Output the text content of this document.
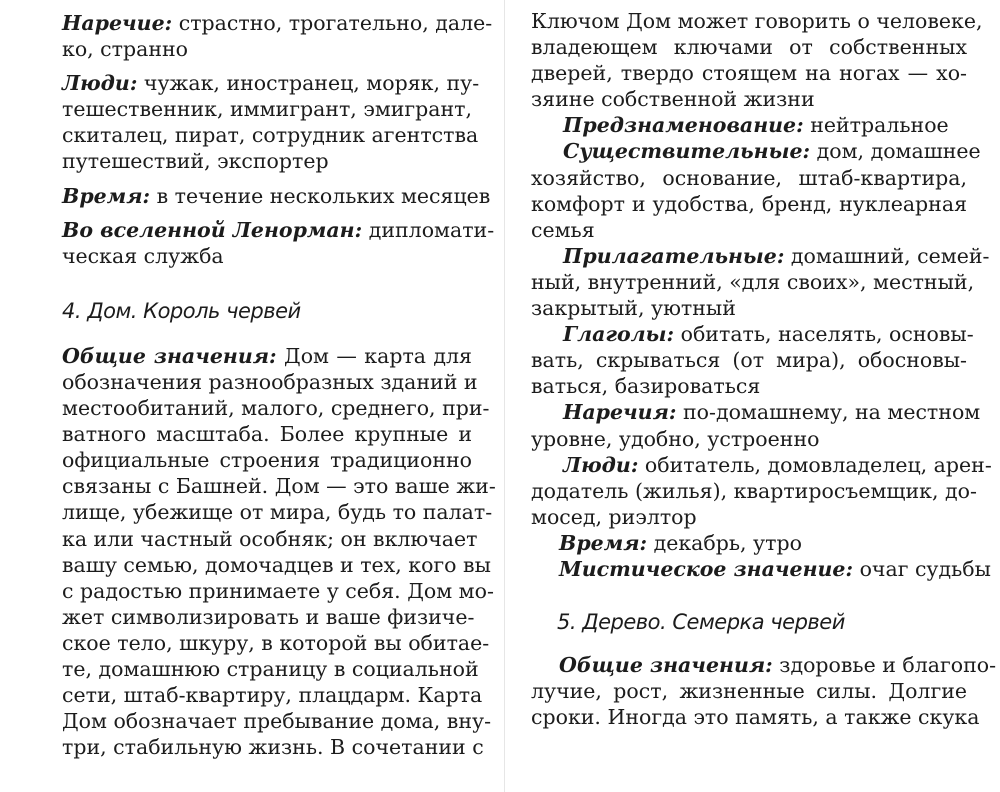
Наречие: страстно, трогательно, дале-
ко, странно
Люди: чужак, иностранец, моряк, пу-
тешественник, иммигрант, эмигрант,
скиталец, пират, сотрудник агентства
путешествий, экспортер
Время: в течение нескольких месяцев
Во вселенной Ленорман: дипломати-
ческая служба
4. Дом. Король червей
Общие значения: Дом — карта для
обозначения разнообразных зданий и
местообитаний, малого, среднего, при-
ватного масштаба. Более крупные и
официальные строения традиционно
связаны с Башней. Дом — это ваше жи-
лище, убежище от мира, будь то палат-
ка или частный особняк; он включает
вашу семью, домочадцев и тех, кого вы
с радостью принимаете у себя. Дом мо-
жет символизировать и ваше физиче-
ское тело, шкуру, в которой вы обитае-
те, домашнюю страницу в социальной
сети, штаб-квартиру, плацдарм. Карта
Дом обозначает пребывание дома, вну-
три, стабильную жизнь. В сочетании с
Ключом Дом может говорить о человеке,
владеющем ключами от собственных
дверей, твердо стоящем на ногах — хо-
зяине собственной жизни
Предзнаменование: нейтральное
Существительные: дом, домашнее
хозяйство, основание, штаб-квартира,
комфорт и удобства, бренд, нуклеарная
семья
Прилагательные: домашний, семей-
ный, внутренний, «для своих», местный,
закрытый, уютный
Глаголы: обитать, населять, основы-
вать, скрываться (от мира), обосновы-
ваться, базироваться
Наречия: по-домашнему, на местном
уровне, удобно, устроенно
Люди: обитатель, домовладелец, арен-
додатель (жилья), квартиросъемщик, до-
мосед, риэлтор
Время: декабрь, утро
Мистическое значение: очаг судьбы
5. Дерево. Семерка червей
Общие значения: здоровье и благопо-
лучие, рост, жизненные силы. Долгие
сроки. Иногда это память, а также скука
